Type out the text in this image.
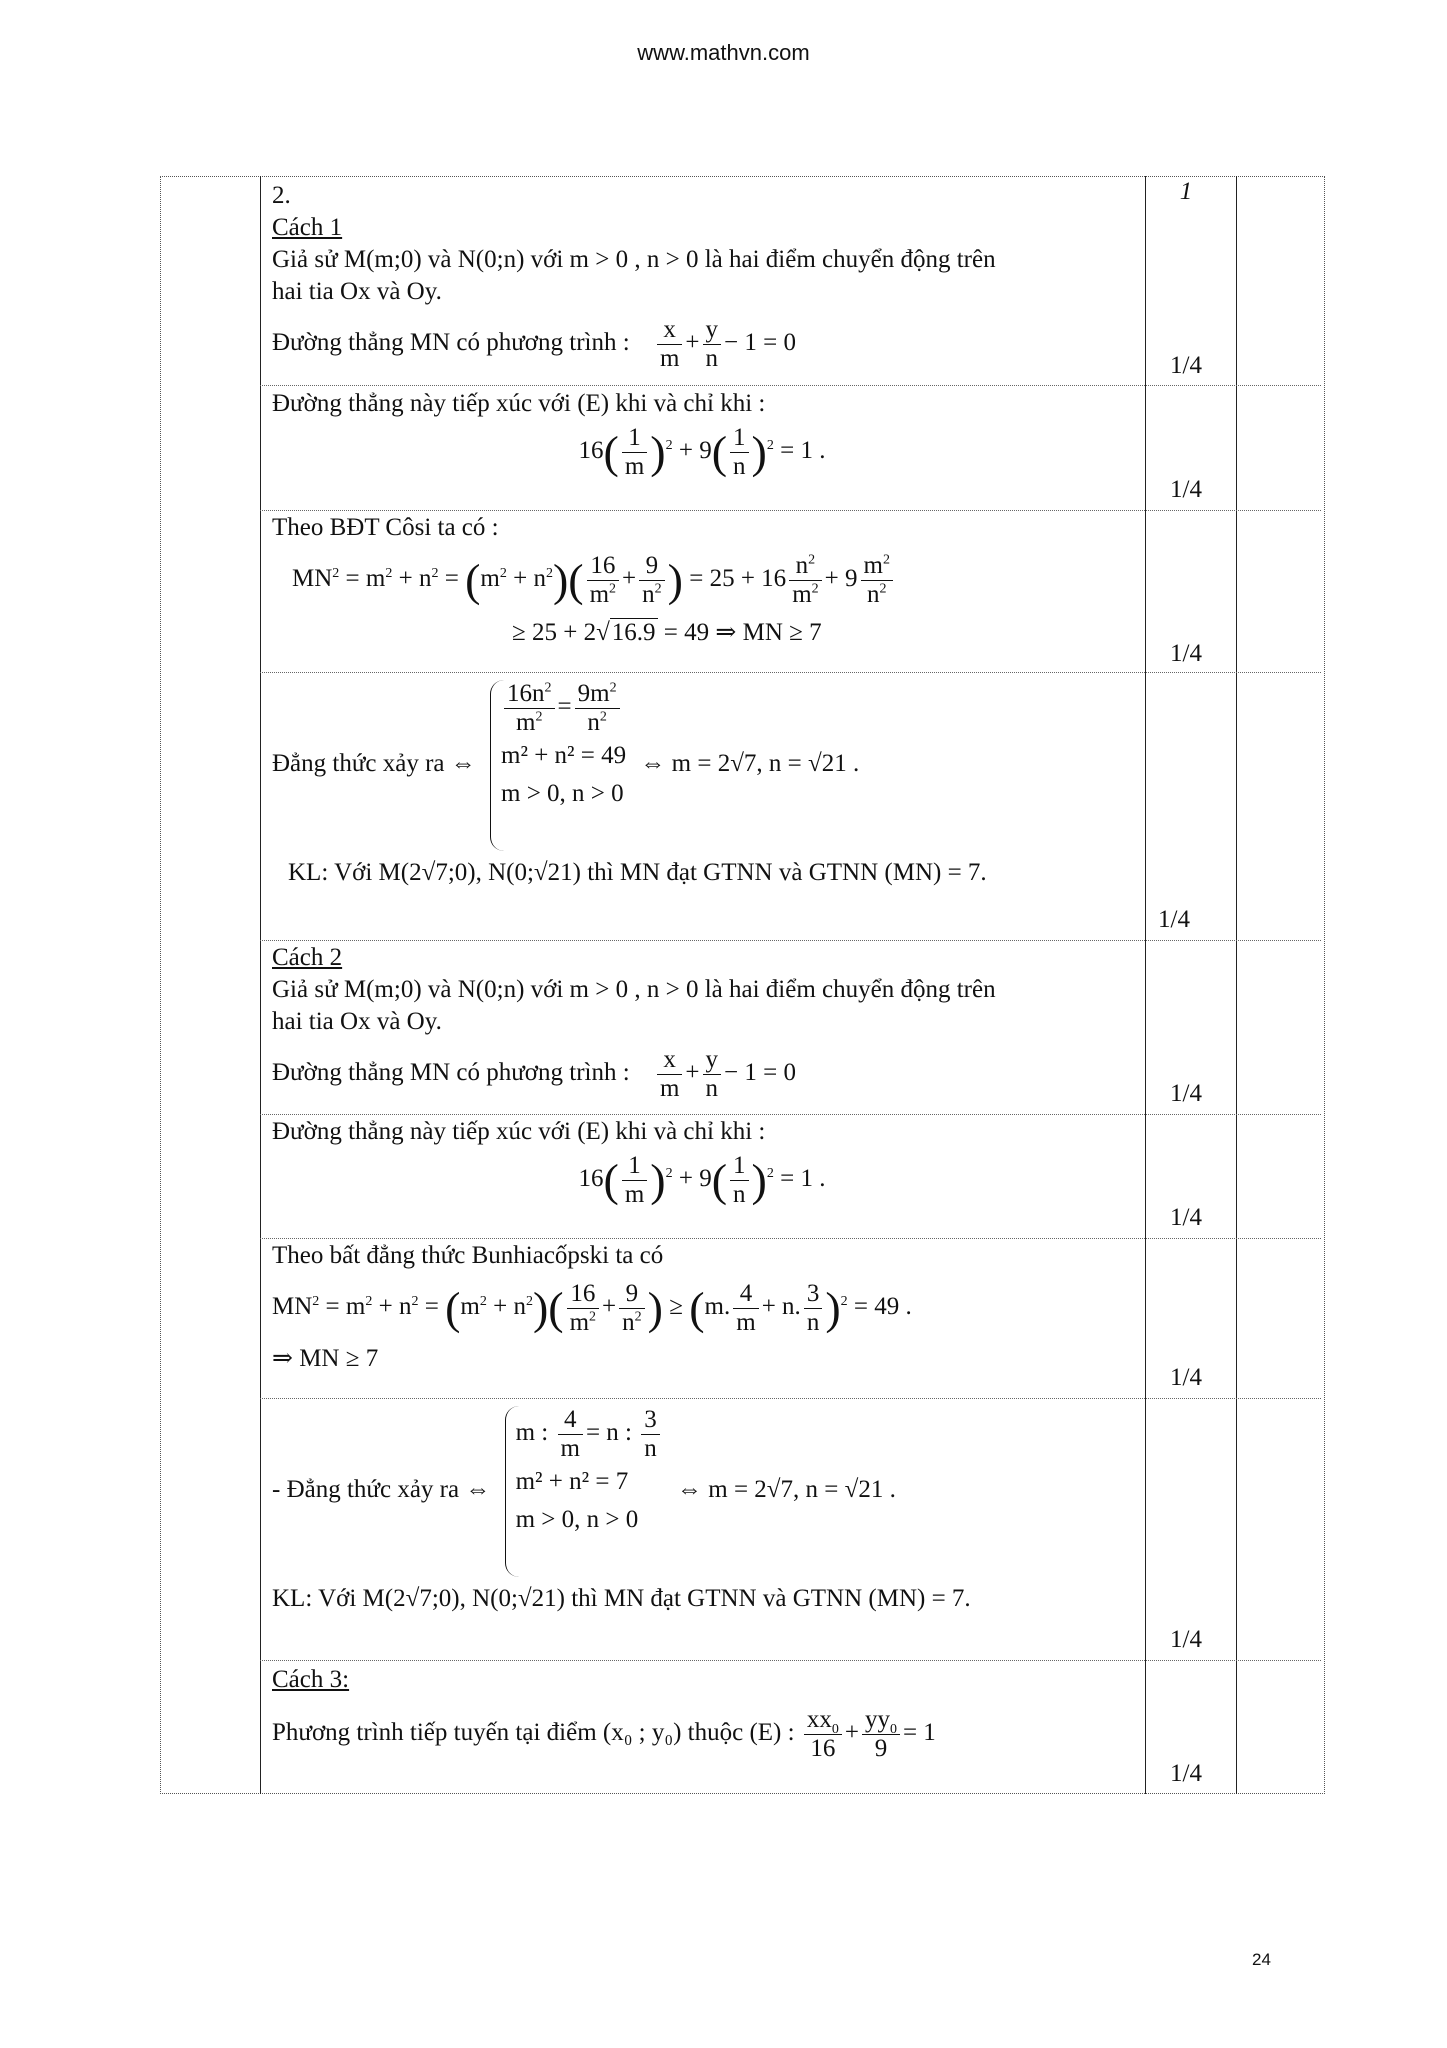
www.mathvn.com
2.
Cách 1
Giả sử M(m;0) và N(0;n) với m > 0 , n > 0 là hai điểm chuyển động trên
hai tia Ox và Oy.
Đường thẳng MN có phương trình : $\frac{x}{m} + \frac{y}{n} - 1 = 0$
1
1/4
Đường thẳng này tiếp xúc với (E) khi và chỉ khi :
$16( \frac{1}{m} )^2 + 9( \frac{1}{n} )^2 = 1$ .
1/4
Theo BĐT Côsi ta có :
$MN^2 = m^2 + n^2 = (m^2 + n^2)( \frac{16}{m^2} + \frac{9}{n^2}$ ) = $25 + 16 \frac{n^2}{m^2} + 9 \frac{m^2}{n^2}$
≥ 25 + 2√16.9 = 49 ⇒ MN ≥ 7
1/4
Đẳng thức xảy ra ⇔
$\frac{16n^2}{m^2} = \frac{9m^2}{n^2}$
m² + n² = 49
m > 0, n > 0

⇔ m = 2√7, n = √21 .
KL: Với M(2√7;0), N(0;√21) thì MN đạt GTNN và GTNN (MN) = 7.
1/4
Cách 2
Giả sử M(m;0) và N(0;n) với m > 0 , n > 0 là hai điểm chuyển động trên
hai tia Ox và Oy.
Đường thẳng MN có phương trình : $\frac{x}{m} + \frac{y}{n} - 1 = 0$
1/4
Đường thẳng này tiếp xúc với (E) khi và chỉ khi :
$16( \frac{1}{m} )^2 + 9( \frac{1}{n} )^2 = 1$ .
1/4
Theo bất đẳng thức Bunhiacốpski ta có
$MN^2 = m^2 + n^2 = (m^2 + n^2)( \frac{16}{m^2} + \frac{9}{n^2}$ ) ≥ (m. $\frac{4}{m} + n$. $\frac{3}{n} )^2 = 49$ .
⇒ MN ≥ 7
1/4
- Đẳng thức xảy ra ⇔
m : $\frac{4}{m} = n$ : $\frac{3}{n}$
m² + n² = 7
m > 0, n > 0

⇔ m = 2√7, n = √21 .
KL: Với M(2√7;0), N(0;√21) thì MN đạt GTNN và GTNN (MN) = 7.
1/4
Cách 3:
Phương trình tiếp tuyến tại điểm (x₀ ; y₀) thuộc (E) : $\frac{xx_0}{16} + \frac{yy_0}{9} = 1$
1/4
24
